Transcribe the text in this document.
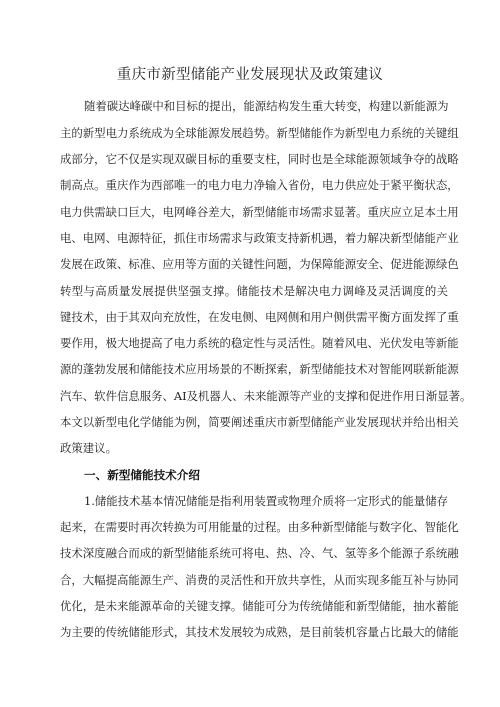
重庆市新型储能产业发展现状及政策建议
随着碳达峰碳中和目标的提出，能源结构发生重大转变，构建以新能源为
主的新型电力系统成为全球能源发展趋势。新型储能作为新型电力系统的关键组
成部分，它不仅是实现双碳目标的重要支柱，同时也是全球能源领域争夺的战略
制高点。重庆作为西部唯一的电力电力净输入省份，电力供应处于紧平衡状态，
电力供需缺口巨大，电网峰谷差大，新型储能市场需求显著。重庆应立足本土用
电、电网、电源特征，抓住市场需求与政策支持新机遇，着力解决新型储能产业
发展在政策、标准、应用等方面的关键性问题，为保障能源安全、促进能源绿色
转型与高质量发展提供坚强支撑。储能技术是解决电力调峰及灵活调度的关
键技术，由于其双向充放性，在发电侧、电网侧和用户侧供需平衡方面发挥了重
要作用，极大地提高了电力系统的稳定性与灵活性。随着风电、光伏发电等新能
源的蓬勃发展和储能技术应用场景的不断探索，新型储能技术对智能网联新能源
汽车、软件信息服务、AI及机器人、未来能源等产业的支撑和促进作用日渐显著。
本文以新型电化学储能为例，简要阐述重庆市新型储能产业发展现状并给出相关
政策建议。
一、新型储能技术介绍
1.储能技术基本情况储能是指利用装置或物理介质将一定形式的能量储存
起来，在需要时再次转换为可用能量的过程。由多种新型储能与数字化、智能化
技术深度融合而成的新型储能系统可将电、热、冷、气、氢等多个能源子系统融
合，大幅提高能源生产、消费的灵活性和开放共享性，从而实现多能互补与协同
优化，是未来能源革命的关键支撑。储能可分为传统储能和新型储能，抽水蓄能
为主要的传统储能形式，其技术发展较为成熟，是目前装机容量占比最大的储能
